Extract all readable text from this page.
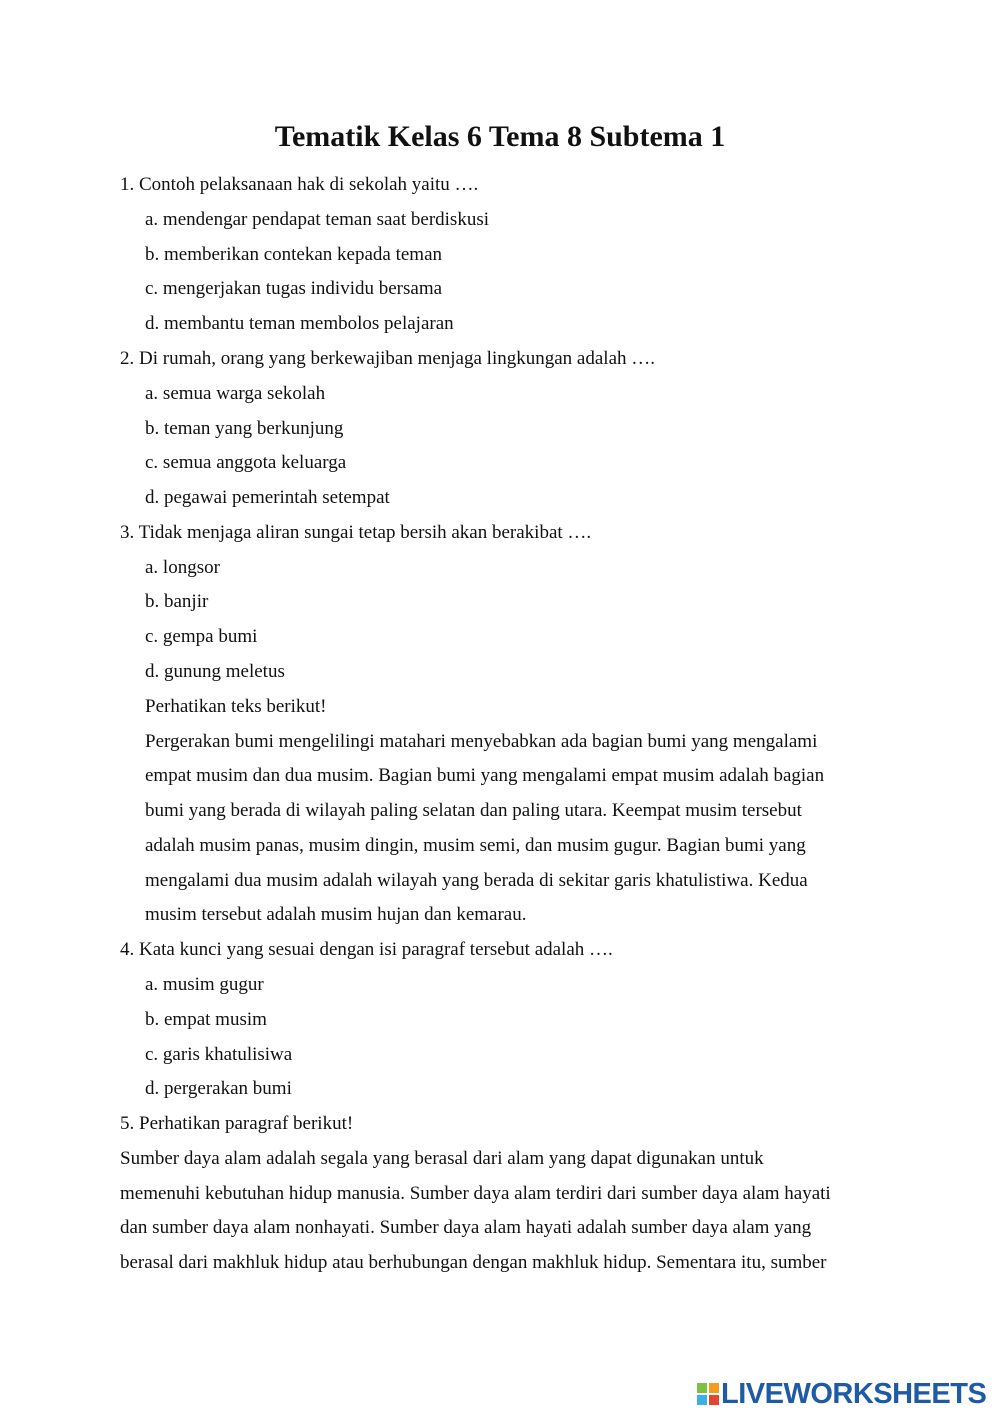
Tematik Kelas 6 Tema 8 Subtema 1
1. Contoh pelaksanaan hak di sekolah yaitu ….
a. mendengar pendapat teman saat berdiskusi
b. memberikan contekan kepada teman
c. mengerjakan tugas individu bersama
d. membantu teman membolos pelajaran
2. Di rumah, orang yang berkewajiban menjaga lingkungan adalah ….
a. semua warga sekolah
b. teman yang berkunjung
c. semua anggota keluarga
d. pegawai pemerintah setempat
3. Tidak menjaga aliran sungai tetap bersih akan berakibat ….
a. longsor
b. banjir
c. gempa bumi
d. gunung meletus
Perhatikan teks berikut!
Pergerakan bumi mengelilingi matahari menyebabkan ada bagian bumi yang mengalami
empat musim dan dua musim. Bagian bumi yang mengalami empat musim adalah bagian
bumi yang berada di wilayah paling selatan dan paling utara. Keempat musim tersebut
adalah musim panas, musim dingin, musim semi, dan musim gugur. Bagian bumi yang
mengalami dua musim adalah wilayah yang berada di sekitar garis khatulistiwa. Kedua
musim tersebut adalah musim hujan dan kemarau.
4. Kata kunci yang sesuai dengan isi paragraf tersebut adalah ….
a. musim gugur
b. empat musim
c. garis khatulisiwa
d. pergerakan bumi
5. Perhatikan paragraf berikut!
Sumber daya alam adalah segala yang berasal dari alam yang dapat digunakan untuk
memenuhi kebutuhan hidup manusia. Sumber daya alam terdiri dari sumber daya alam hayati
dan sumber daya alam nonhayati. Sumber daya alam hayati adalah sumber daya alam yang
berasal dari makhluk hidup atau berhubungan dengan makhluk hidup. Sementara itu, sumber
LIVEWORKSHEETS
